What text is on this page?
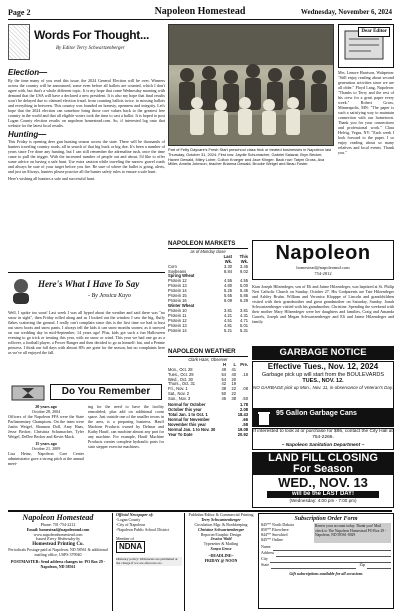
Page 2	Napoleon Homestead	Wednesday, November 6, 2024
Words For Thought...
By Editor Terry Schwartzenberger
Election—

By the time many of you read this issue, the 2024 General Election will be over. Winners across the country will be announced, some even before all ballots are counted, which I don't agree with, but that's a whole different topic. It is my hope that come Wednesday morning with demand that the USA will have a declared a new president. It is also my hope that final results won't be delayed due to claimed election fraud, from counting ballots twice, to missing ballots and everything in between. This country was founded on honesty, openness and integrity. Let's hope that the 2024 election can somehow bring those core values back to the greatest free country in the world and that all eligible voters took the time to cast a ballot. It is hoped to post Logan County election results on napoleon homestead.com. So, if interested log onto that website for the latest local results.

Hunting—

This Friday is opening deer gun hunting season across the state. There will be thousands of hunters traveling country roads, all in search of that big buck or big doe. It's been a number of years since I've done any hunting, but I can still remember the adrenaline rush, once the time came to pull the trigger. With the increased number of people out and about, I'd like to offer some advice on having a safe hunt. Use extra caution while traveling the narrow gravel roads and always be sure of your target before you fire. Be sure of where the bullet is going, alerts, and just an Always, hunters please practice all the hunter safety rules to ensure a safe hunt.

Here's wishing all hunters a safe and successful hunt.

Part of Fetty Daycare's Fresh Start preschool class trick or treated businesses in Napoleon last Thursday, October 31, 2024. First row: Jaydie Schumacher, Gabriel Salazar, Bryn Becker, Haven Dewald, Miley Loher, Colton Krueger and Jace Klinger. Back row: Tatym Gross, Ava Miller, Amelia Johnson, teacher Brianna Dewald, Brooke Weigel and Beau Foster.
Dear Editor
Mrs. Lenore Harrison, Wahpeton: "Still enjoy reading about second generation activities since we are all older." Floyd Lang, Napoleon: "Thanks to Terry and the rest of his crew for a great paper every week." Robert Gross, Minneapolis, MN: "The paper is such a satisfying way to maintain connection with our hometown. Thank you for your connections and professional work." Clara Helvig, Vegas, NV: "Each week I look forward to the paper. I so enjoy reading about so many relatives and local events. Thank you."
Here's What I Have To Say
- By Jessica Kuyo
Well, I spoke too soon! Last week I was all hyped about the weather and said there was "no snow in sight", then Friday rolled along and as I looked out the window I saw the big, fluffy flakes scattering the ground. I really can't complain since this is the first time we had to bust out snow boots and snow pants. I always tell the kids it can snow months sooner, as it snowed on our wedding day in mid-September, 14 years ago! Plus, kids got such a fun Halloween evening to go trick or treating this year, with no snow or wind. This year we had one go as a rollover, a football player, a Power Ranger and then decided to go as himself: hat, and a Pennie princess. I think our fall days with almost 80's are gone for the season, but no complaints here as we've all enjoyed the fall.
NAPOLEON MARKETS
as of Monday close
Last Wk.
This Wk.
Corn	3.30	3.45
Soybeans	8.84	9.02
Spring Wheat
Protein 12	4.55	4.55
Protein 13	4.80	5.00
Protein 14	5.25	5.45
Protein 15	5.65	5.85
Protein 16	6.09	6.29
Winter Wheat
Protein 10	3.81	3.81
Protein 11	4.21	4.31
Protein 12	4.51	4.71
Protein 13	4.81	5.01
Protein 14	5.21	5.31
NAPOLEON WEATHER
Clark Haas, Observer
H	L	Pre.
Mon., Oct. 28	49	41
Tues., Oct. 29	54	40	.18
Wed., Oct. 30	54	20
Thurs., Oct. 31	42	19
Fri., Nov. 1	38	22	.08
Sat., Nov. 2	50	22
Sun., Nov. 3	46	38	.50
Normal for October	1.78
October this year	2.08
Total Jan. 1 to Oct. 1	18.43
Normal for November	.66
November this year	.58
Normal Jan. 1 to Nov. 30	19.08
Year To Date	20.92
Napoleon
homestead@napoleonnd.com
754-2812
Kian Joseph Hilzendeger, son of Eli and Jaime Hilzendeger, was baptized at St. Philip Neri Catholic Church on Sunday, October 27. His Godparents are Tate Hilzendeger and Ashley Bruhn. William and Veronica Klopppe of Lincoln and grandchildren visited with their grandmother and great grandmother on Saturday, Sunday. Jonah Schwartzenberger visited with his grandmother, Christine. Spending the weekend with their mother Mary Hilzendeger were her daughters and families, Craig and Amanda Garrels, Joseph and Megan Schwartzenberger and Eli and Jaime Hilzendeger and family.
GARBAGE NOTICE
Effective Tues., Nov. 12, 2024
Garbage pick up will start from the BOULEVARDS
TUES., NOV. 12.
NO GARBAGE pick up Mon., Nov. 11, in observance of Veteran's Day.
95 Gallon Garbage Cans
If interested to look at or purchase for $95, contact the City Hall at 754-2266.
~ Napoleon Sanitation Department ~
LAND FILL CLOSING
For Season
WED., NOV. 13
will be the LAST DAY!
(Wednesday: 4:00 pm - 7:00 pm)
Do You Remember
20 years ago
October 28, 2004

Officers of the Napoleon FFA were the State Parliamentary Champions. On the team were Justin Weigel, Shannon Doll, Amy Haas, Jesse Becker, Christina Schumacher, Tyler Weigel, DeDee Becker and Kevin Mack.

15 years ago
October 21, 2009

Lisa Heinz, Napoleon Care Center administrator gave a strong pitch at the annual meet-

ing for the need to have the facility remodeled, plus add on additional room space. Just outside one of the smaller towns in the area, is a preparing business. Hauff Machine Products owned by Delmar and Kathy Hauff, can machine almost any part for any machine. For example, Hauff Machine Products creates complete hydraulic parts for stair stepper exercise machines.
Napoleon Homestead
Phone: 701-754-2212
Email: homestead@napoleonnd.com
www.napoleonhomestead.com
Issued Every Wednesday by
Homestead Printing Co.
Periodicals Postage paid at Napoleon, ND 58561 & additional mailing office, USPS 379940
POSTMASTER: Send address changes to: PO Box 29 - Napoleon, ND 58561
Official Newspaper of:
-Logan County
-City of Napoleon
-Napoleon Public School District
Member of
NDNA
Obituary policy: Obituaries are published at the charge if we are aftercare etc.
Publisher/Editor & Commercial Printing
Terry Schwartzenberger
Circulation Mgr. & Bookkeeping
Christine Schwartzenberger
Reporter/Graphic Design
Jessica Wald
Typesetter & Mailing
Sonya Grose
~DEADLINE~
FRIDAY @ NOON
Subscription Order Form
$45** North Dakota
$50** Elsewhere
$44** Snowbird
$45** Online
Renew your account today. Thank you! Mail check to The Napoleon Homestead PO Box 29 - Napoleon, ND 58561-0029
Name
Address
City
State	Zip
Gift subscriptions available for all occasions
